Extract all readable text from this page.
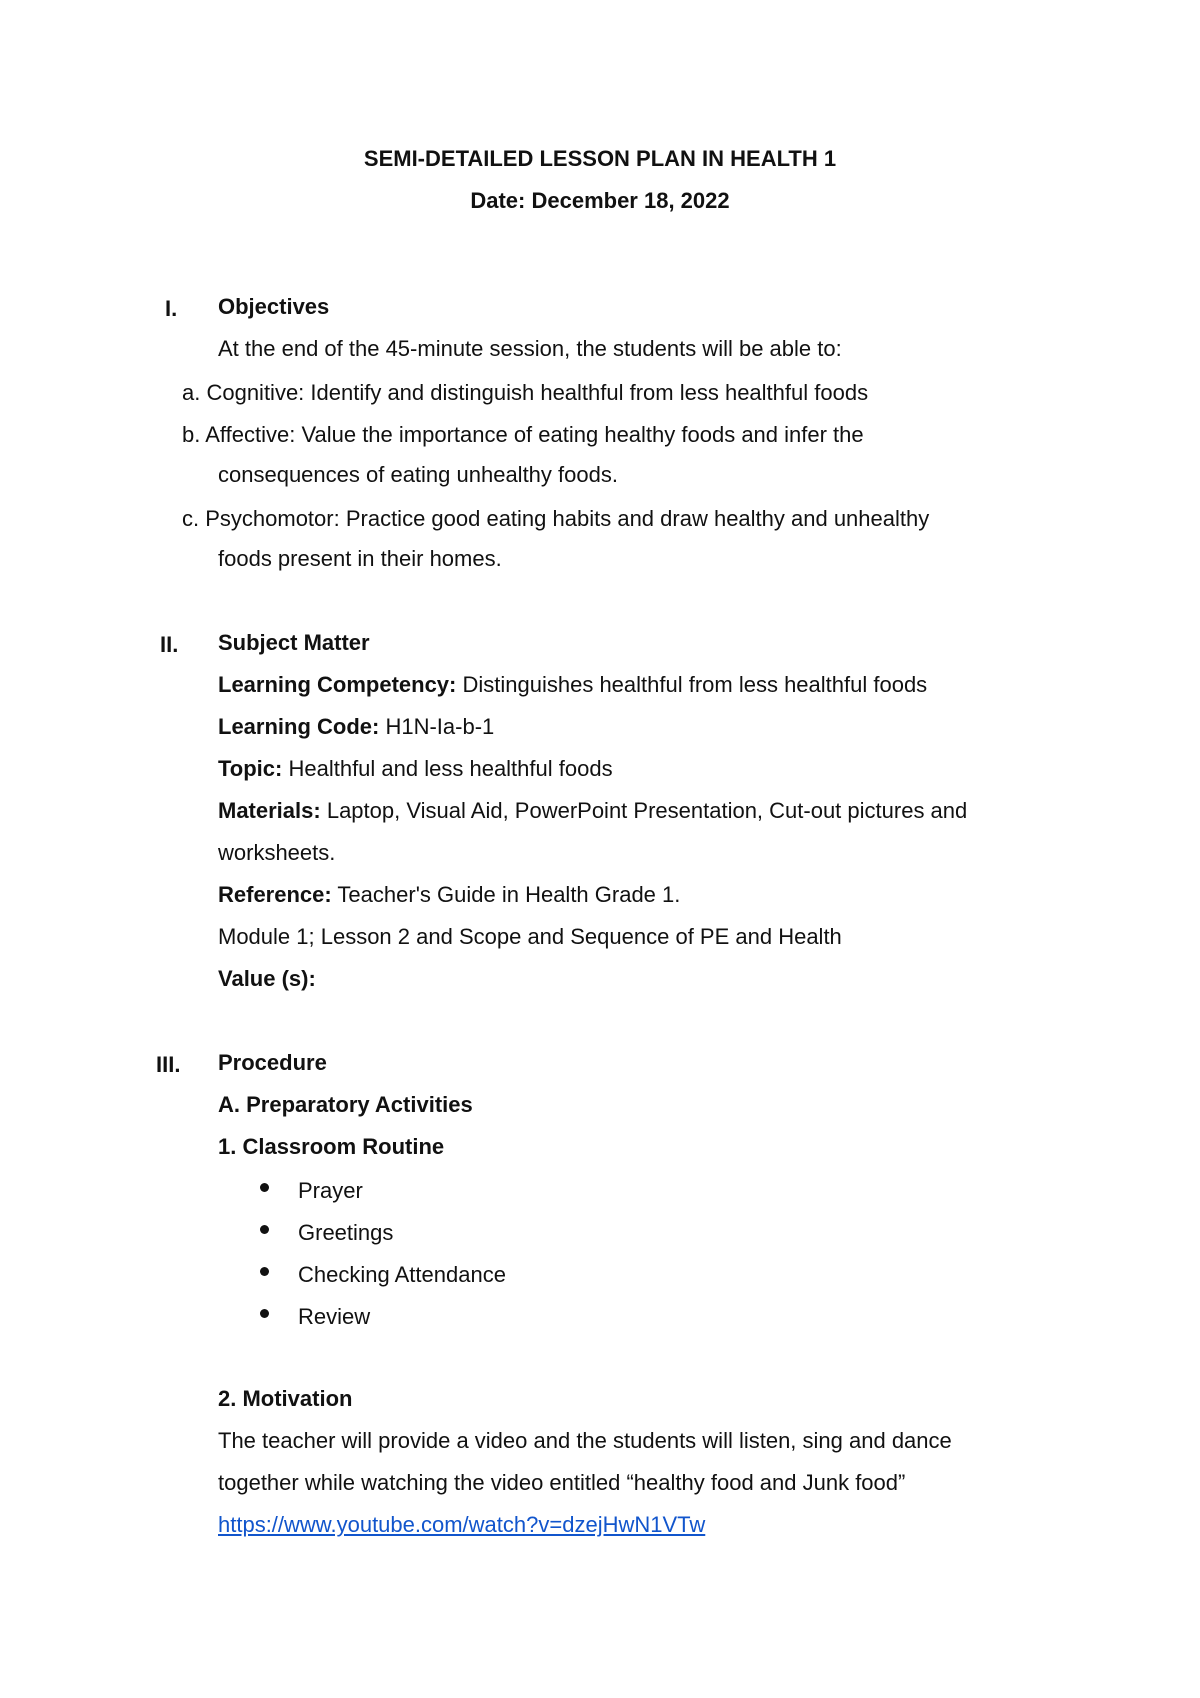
SEMI-DETAILED LESSON PLAN IN HEALTH 1
Date: December 18, 2022
I. Objectives
At the end of the 45-minute session, the students will be able to:
a. Cognitive: Identify and distinguish healthful from less healthful foods
b. Affective: Value the importance of eating healthy foods and infer the
consequences of eating unhealthy foods.
c. Psychomotor: Practice good eating habits and draw healthy and unhealthy
foods present in their homes.
II. Subject Matter
Learning Competency: Distinguishes healthful from less healthful foods
Learning Code: H1N-Ia-b-1
Topic: Healthful and less healthful foods
Materials: Laptop, Visual Aid, PowerPoint Presentation, Cut-out pictures and
worksheets.
Reference: Teacher's Guide in Health Grade 1.
Module 1; Lesson 2 and Scope and Sequence of PE and Health
Value (s):
III. Procedure
A. Preparatory Activities
1. Classroom Routine
Prayer
Greetings
Checking Attendance
Review
2. Motivation
The teacher will provide a video and the students will listen, sing and dance
together while watching the video entitled “healthy food and Junk food”
https://www.youtube.com/watch?v=dzejHwN1VTw
